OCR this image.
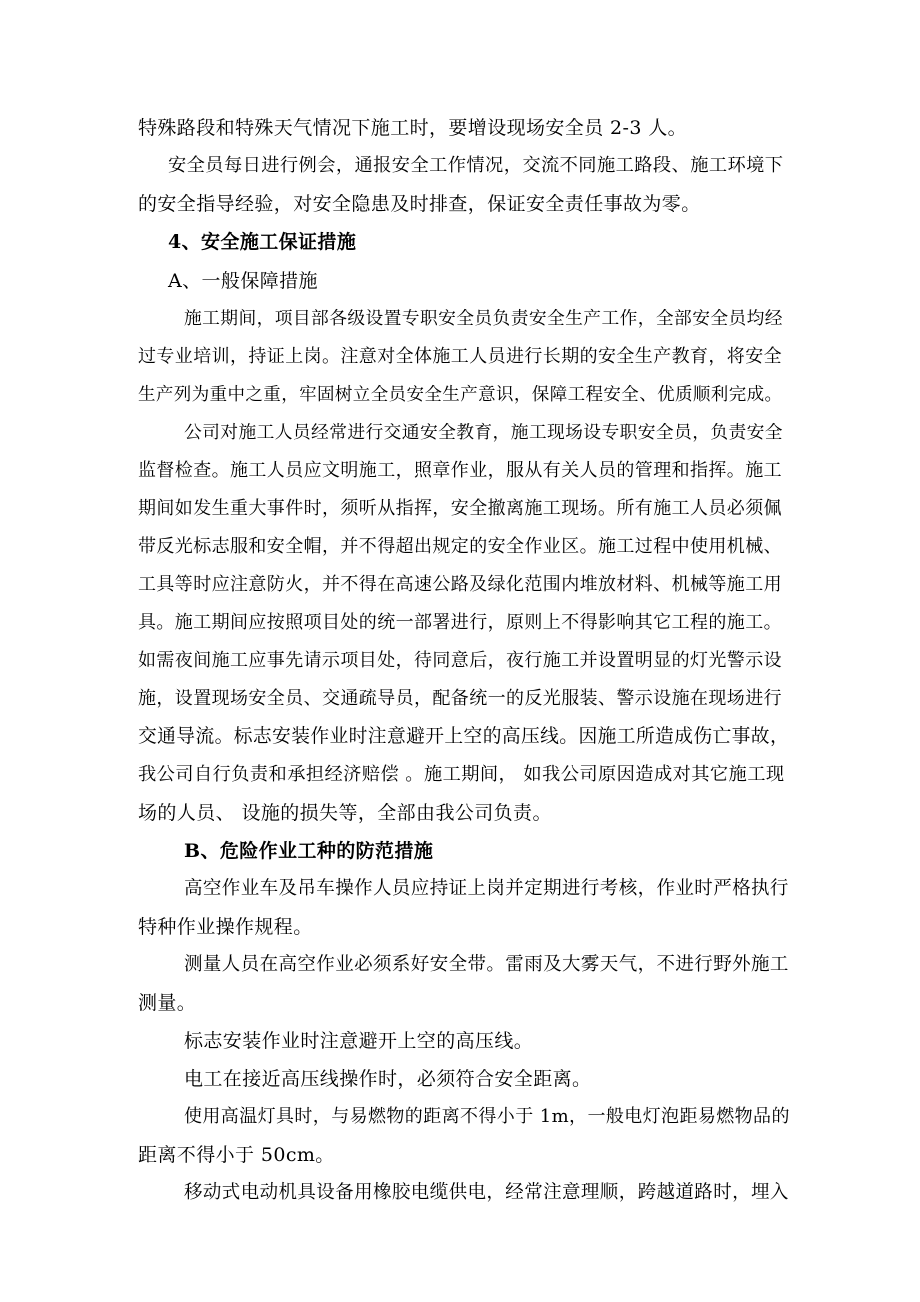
特殊路段和特殊天气情况下施工时，要增设现场安全员 2-3 人。

安全员每日进行例会，通报安全工作情况，交流不同施工路段、施工环境下

的安全指导经验，对安全隐患及时排查，保证安全责任事故为零。

4、安全施工保证措施

A、一般保障措施

施工期间，项目部各级设置专职安全员负责安全生产工作，全部安全员均经

过专业培训，持证上岗。注意对全体施工人员进行长期的安全生产教育，将安全

生产列为重中之重，牢固树立全员安全生产意识，保障工程安全、优质顺利完成。

公司对施工人员经常进行交通安全教育，施工现场设专职安全员，负责安全

监督检查。施工人员应文明施工，照章作业，服从有关人员的管理和指挥。施工

期间如发生重大事件时，须听从指挥，安全撤离施工现场。所有施工人员必须佩

带反光标志服和安全帽，并不得超出规定的安全作业区。施工过程中使用机械、

工具等时应注意防火，并不得在高速公路及绿化范围内堆放材料、机械等施工用

具。施工期间应按照项目处的统一部署进行，原则上不得影响其它工程的施工。

如需夜间施工应事先请示项目处，待同意后，夜行施工并设置明显的灯光警示设

施，设置现场安全员、交通疏导员，配备统一的反光服装、警示设施在现场进行

交通导流。标志安装作业时注意避开上空的高压线。因施工所造成伤亡事故，

我公司自行负责和承担经济赔偿 。施工期间， 如我公司原因造成对其它施工现

场的人员、 设施的损失等，全部由我公司负责。

B、危险作业工种的防范措施

高空作业车及吊车操作人员应持证上岗并定期进行考核，作业时严格执行

特种作业操作规程。

测量人员在高空作业必须系好安全带。雷雨及大雾天气，不进行野外施工

测量。

标志安装作业时注意避开上空的高压线。

电工在接近高压线操作时，必须符合安全距离。

使用高温灯具时，与易燃物的距离不得小于 1m，一般电灯泡距易燃物品的

距离不得小于 50cm。

移动式电动机具设备用橡胶电缆供电，经常注意理顺，跨越道路时，埋入
